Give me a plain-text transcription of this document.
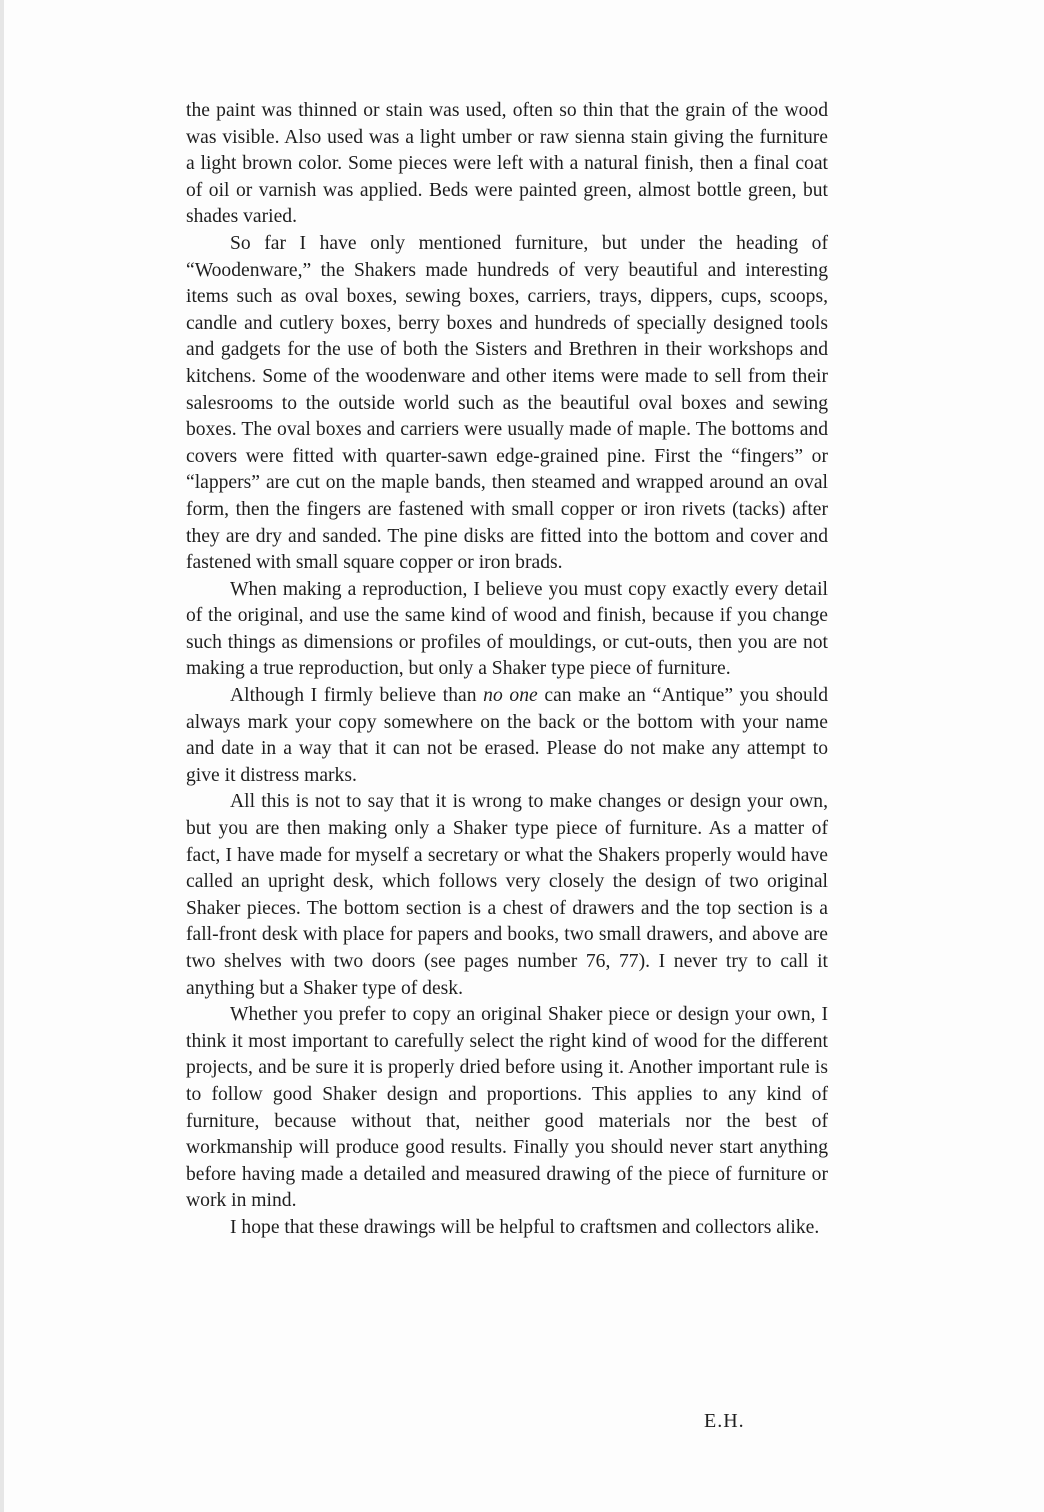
the paint was thinned or stain was used, often so thin that the grain of the wood was visible. Also used was a light umber or raw sienna stain giving the furniture a light brown color. Some pieces were left with a natural finish, then a final coat of oil or varnish was applied. Beds were painted green, almost bottle green, but shades varied.

So far I have only mentioned furniture, but under the heading of “Woodenware,” the Shakers made hundreds of very beautiful and interesting items such as oval boxes, sewing boxes, carriers, trays, dippers, cups, scoops, candle and cutlery boxes, berry boxes and hundreds of specially designed tools and gadgets for the use of both the Sisters and Brethren in their workshops and kitchens. Some of the woodenware and other items were made to sell from their salesrooms to the outside world such as the beautiful oval boxes and sewing boxes. The oval boxes and carriers were usually made of maple. The bottoms and covers were fitted with quarter-sawn edge-grained pine. First the “fingers” or “lappers” are cut on the maple bands, then steamed and wrapped around an oval form, then the fingers are fastened with small copper or iron rivets (tacks) after they are dry and sanded. The pine disks are fitted into the bottom and cover and fastened with small square copper or iron brads.

When making a reproduction, I believe you must copy exactly every detail of the original, and use the same kind of wood and finish, because if you change such things as dimensions or profiles of mouldings, or cut-outs, then you are not making a true reproduction, but only a Shaker type piece of furniture.

Although I firmly believe than no one can make an “Antique” you should always mark your copy somewhere on the back or the bottom with your name and date in a way that it can not be erased. Please do not make any attempt to give it distress marks.

All this is not to say that it is wrong to make changes or design your own, but you are then making only a Shaker type piece of furniture. As a matter of fact, I have made for myself a secretary or what the Shakers properly would have called an upright desk, which follows very closely the design of two original Shaker pieces. The bottom section is a chest of drawers and the top section is a fall-front desk with place for papers and books, two small drawers, and above are two shelves with two doors (see pages number 76, 77). I never try to call it anything but a Shaker type of desk.

Whether you prefer to copy an original Shaker piece or design your own, I think it most important to carefully select the right kind of wood for the different projects, and be sure it is properly dried before using it. Another important rule is to follow good Shaker design and proportions. This applies to any kind of furniture, because without that, neither good materials nor the best of workmanship will produce good results. Finally you should never start anything before having made a detailed and measured drawing of the piece of furniture or work in mind.

I hope that these drawings will be helpful to craftsmen and collectors alike.

E.H.
